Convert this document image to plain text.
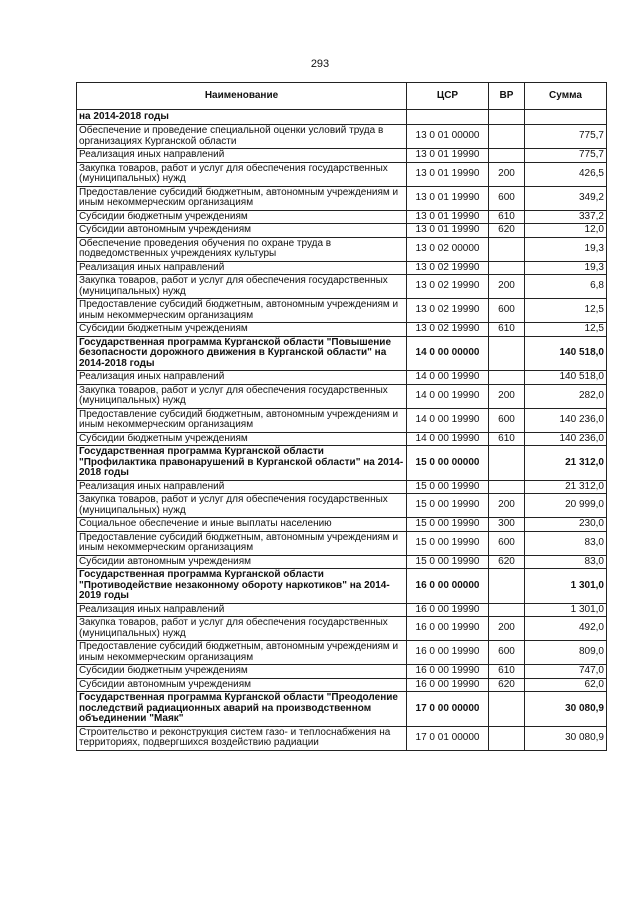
293
Наименование	ЦСР	ВР	Сумма
на 2014-2018 годы			
Обеспечение и проведение специальной оценки условий труда в организациях Курганской области	13 0 01 00000		775,7
Реализация иных направлений	13 0 01 19990		775,7
Закупка товаров, работ и услуг для обеспечения государственных (муниципальных) нужд	13 0 01 19990	200	426,5
Предоставление субсидий бюджетным, автономным учреждениям и иным некоммерческим организациям	13 0 01 19990	600	349,2
Субсидии бюджетным учреждениям	13 0 01 19990	610	337,2
Субсидии автономным учреждениям	13 0 01 19990	620	12,0
Обеспечение проведения обучения по охране труда в подведомственных учреждениях культуры	13 0 02 00000		19,3
Реализация иных направлений	13 0 02 19990		19,3
Закупка товаров, работ и услуг для обеспечения государственных (муниципальных) нужд	13 0 02 19990	200	6,8
Предоставление субсидий бюджетным, автономным учреждениям и иным некоммерческим организациям	13 0 02 19990	600	12,5
Субсидии бюджетным учреждениям	13 0 02 19990	610	12,5
Государственная программа Курганской области "Повышение безопасности дорожного движения в Курганской области" на 2014-2018 годы	14 0 00 00000		140 518,0
Реализация иных направлений	14 0 00 19990		140 518,0
Закупка товаров, работ и услуг для обеспечения государственных (муниципальных) нужд	14 0 00 19990	200	282,0
Предоставление субсидий бюджетным, автономным учреждениям и иным некоммерческим организациям	14 0 00 19990	600	140 236,0
Субсидии бюджетным учреждениям	14 0 00 19990	610	140 236,0
Государственная программа Курганской области "Профилактика правонарушений в Курганской области" на 2014-2018 годы	15 0 00 00000		21 312,0
Реализация иных направлений	15 0 00 19990		21 312,0
Закупка товаров, работ и услуг для обеспечения государственных (муниципальных) нужд	15 0 00 19990	200	20 999,0
Социальное обеспечение и иные выплаты населению	15 0 00 19990	300	230,0
Предоставление субсидий бюджетным, автономным учреждениям и иным некоммерческим организациям	15 0 00 19990	600	83,0
Субсидии автономным учреждениям	15 0 00 19990	620	83,0
Государственная программа Курганской области "Противодействие незаконному обороту наркотиков" на 2014-2019 годы	16 0 00 00000		1 301,0
Реализация иных направлений	16 0 00 19990		1 301,0
Закупка товаров, работ и услуг для обеспечения государственных (муниципальных) нужд	16 0 00 19990	200	492,0
Предоставление субсидий бюджетным, автономным учреждениям и иным некоммерческим организациям	16 0 00 19990	600	809,0
Субсидии бюджетным учреждениям	16 0 00 19990	610	747,0
Субсидии автономным учреждениям	16 0 00 19990	620	62,0
Государственная программа Курганской области "Преодоление последствий радиационных аварий на производственном объединении "Маяк"	17 0 00 00000		30 080,9
Строительство и реконструкция систем газо- и теплоснабжения на территориях, подвергшихся воздействию радиации	17 0 01 00000		30 080,9
